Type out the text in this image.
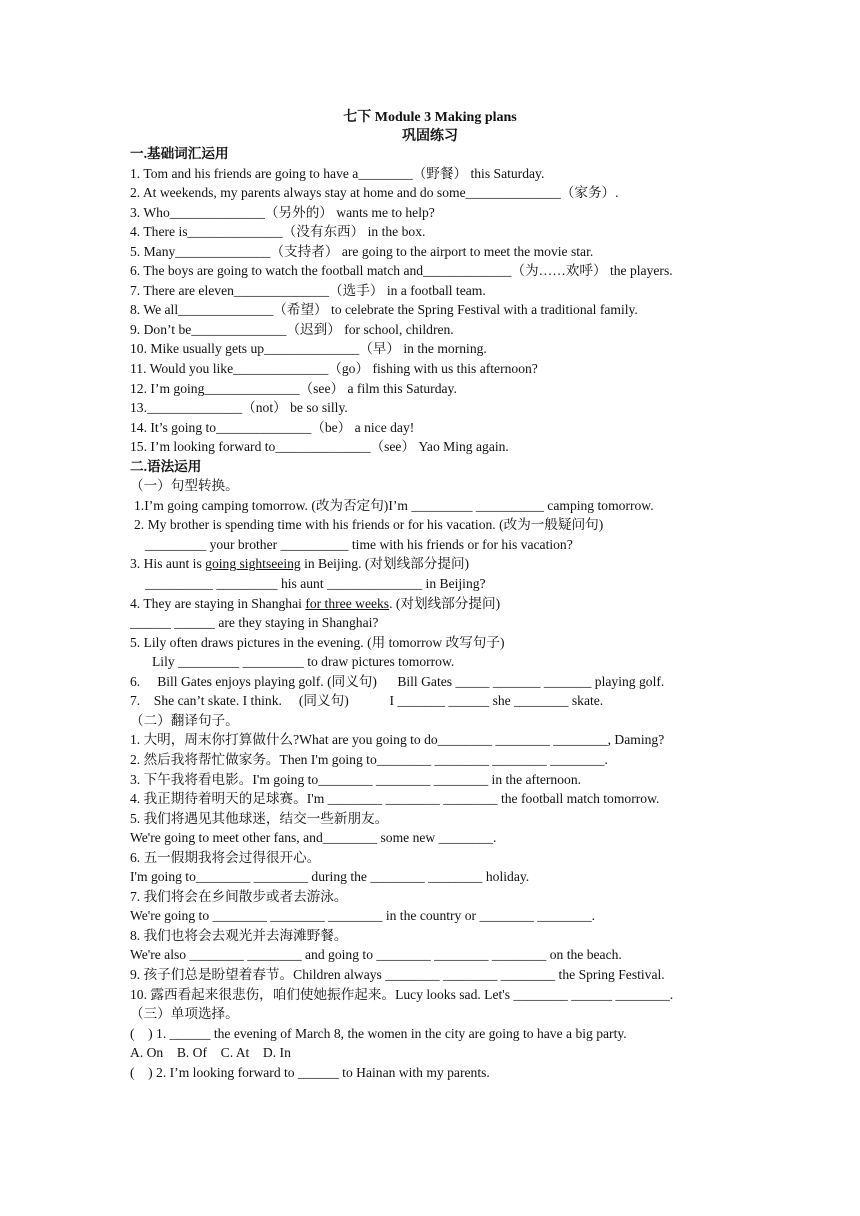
七下 Module 3 Making plans
巩固练习
一.基础词汇运用
1. Tom and his friends are going to have a________（野餐） this Saturday.
2. At weekends, my parents always stay at home and do some______________（家务）.
3. Who______________（另外的） wants me to help?
4. There is______________（没有东西） in the box.
5. Many______________（支持者） are going to the airport to meet the movie star.
6. The boys are going to watch the football match and_____________（为……欢呼） the players.
7. There are eleven______________（选手） in a football team.
8. We all______________（希望） to celebrate the Spring Festival with a traditional family.
9. Don’t be______________（迟到） for school, children.
10. Mike usually gets up______________（早） in the morning.
11. Would you like______________（go） fishing with us this afternoon?
12. I’m going______________（see） a film this Saturday.
13.______________（not） be so silly.
14. It’s going to______________（be） a nice day!
15. I’m looking forward to______________（see） Yao Ming again.
二.语法运用
（一）句型转换。
1.I’m going camping tomorrow. (改为否定句)I’m _________ __________ camping tomorrow.
2. My brother is spending time with his friends or for his vacation. (改为一般疑问句)
_________ your brother __________ time with his friends or for his vacation?
3. His aunt is going sightseeing in Beijing. (对划线部分提问)
__________ _________ his aunt ______________ in Beijing?
4. They are staying in Shanghai for three weeks. (对划线部分提问)
______ ______ are they staying in Shanghai?
5. Lily often draws pictures in the evening. (用 tomorrow 改写句子)
Lily _________ _________ to draw pictures tomorrow.
6.     Bill Gates enjoys playing golf. (同义句)      Bill Gates _____ _______ _______ playing golf.
7.    She can’t skate. I think.     (同义句)            I _______ ______ she ________ skate.
（二）翻译句子。
1. 大明，周末你打算做什么?What are you going to do________ ________ ________, Daming?
2. 然后我将帮忙做家务。Then I'm going to________ ________ ________ ________.
3. 下午我将看电影。I'm going to________ ________ ________ in the afternoon.
4. 我正期待着明天的足球赛。I'm ________ ________ ________ the football match tomorrow.
5. 我们将遇见其他球迷，结交一些新朋友。
We're going to meet other fans, and________ some new ________.
6. 五一假期我将会过得很开心。
I'm going to________ ________ during the ________ ________ holiday.
7. 我们将会在乡间散步或者去游泳。
We're going to ________ ________ ________ in the country or ________ ________.
8. 我们也将会去观光并去海滩野餐。
We're also ________ ________ and going to ________ ________ ________ on the beach.
9. 孩子们总是盼望着春节。Children always ________ ________ ________ the Spring Festival.
10. 露西看起来很悲伤，咱们使她振作起来。Lucy looks sad. Let's ________ ______ ________.
（三）单项选择。
(    ) 1. ______ the evening of March 8, the women in the city are going to have a big party.
A. On    B. Of    C. At    D. In
(    ) 2. I’m looking forward to ______ to Hainan with my parents.
